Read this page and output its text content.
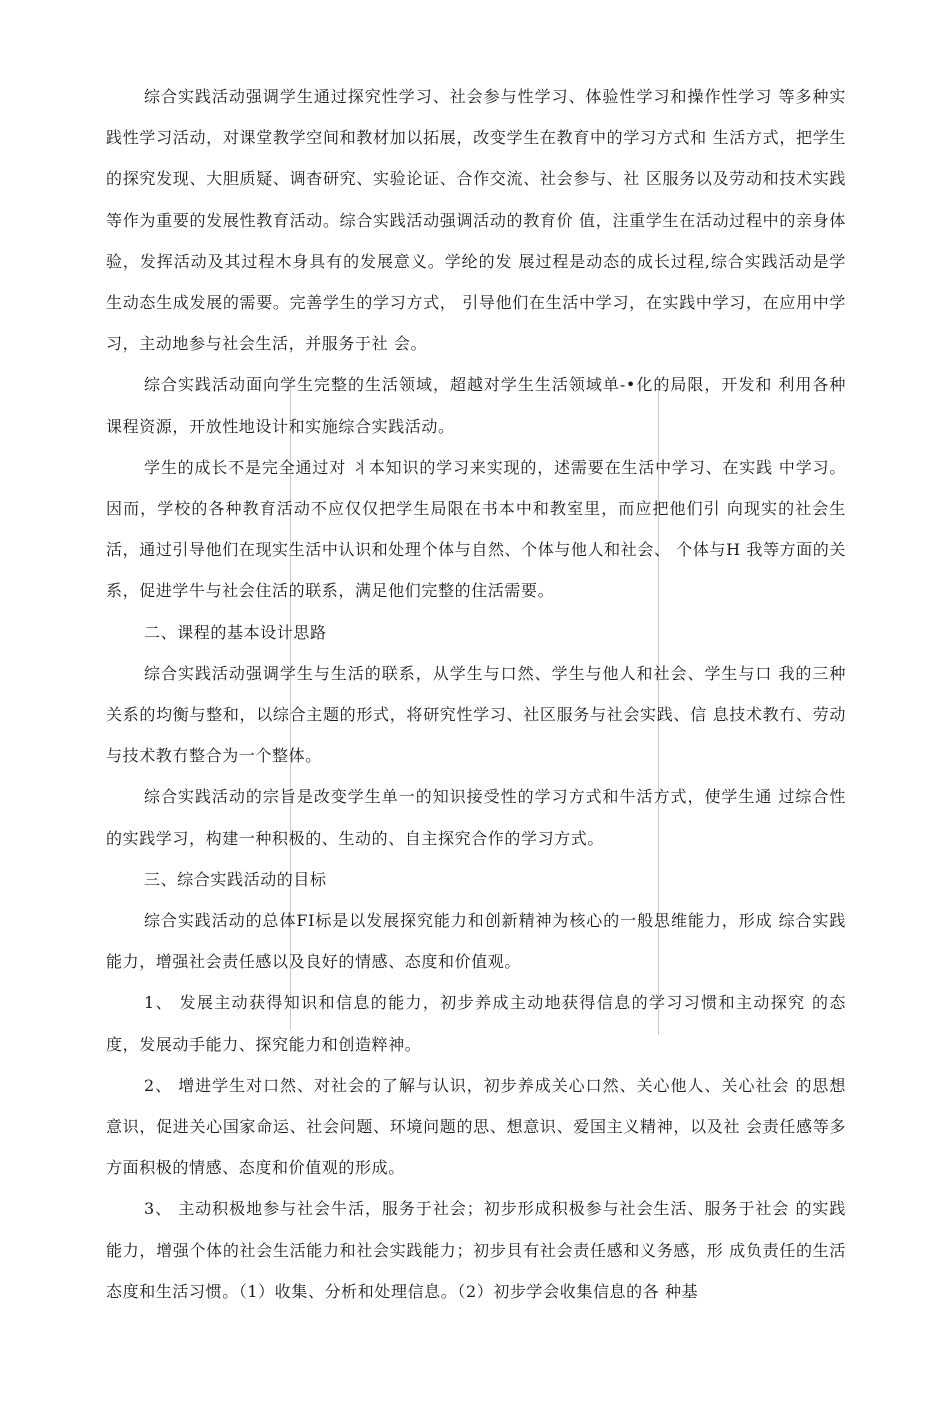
综合实践活动强调学生通过探究性学习、社会参与性学习、体验性学习和操作性学习 等多种实践性学习活动，对课堂教学空间和教材加以拓展，改变学生在教育中的学习方式和 生活方式，把学生的探究发现、大胆质疑、调杳研究、实验论证、合作交流、社会参与、社 区服务以及劳动和技术实践等作为重要的发展性教育活动。综合实践活动强调活动的教育价 值，注重学生在活动过程中的亲身体验，发挥活动及其过程木身具有的发展意义。学纶的发 展过程是动态的成长过程,综合实践活动是学生动态生成发展的需要。完善学生的学习方式， 引导他们在生活中学习，在实践中学习，在应用中学习，主动地参与社会生活，并服务于社 会。

综合实践活动面向学生完整的生活领域，超越对学生生活领域单-•化的局限，开发和 利用各种课程资源，开放性地设计和实施综合实践活动。

学生的成长不是完全通过对 丬本知识的学习来实现的，述需要在生活中学习、在实践 中学习。因而，学校的各种教育活动不应仅仅把学生局限在书本中和教室里，而应把他们引 向现实的社会生活，通过引导他们在现实生活中认识和处理个体与自然、个体与他人和社会、 个体与H 我等方面的关系，促进学牛与社会住活的联系，满足他们完整的住活需要。

二、课程的基本设计思路

综合实践活动强调学生与生活的联系，从学生与口然、学生与他人和社会、学生与口 我的三种关系的均衡与整和，以综合主题的形式，将研究性学习、社区服务与社会实践、信 息技术教冇、劳动与技术教冇整合为一个整体。

综合实践活动的宗旨是改变学生单一的知识接受性的学习方式和牛活方式，使学生通 过综合性的实践学习，构建一种积极的、生动的、自主探究合作的学习方式。

三、综合实践活动的目标

综合实践活动的总体FI标是以发展探究能力和创新精神为核心的一般思维能力，形成 综合实践能力，增强社会责任感以及良好的情感、态度和价值观。

1、 发展主动获得知识和信息的能力，初步养成主动地获得信息的学习习惯和主动探究 的态度，发展动手能力、探究能力和创造粹神。

2、 增进学生对口然、对社会的了解与认识，初步养成关心口然、关心他人、关心社会 的思想意识，促进关心国家命运、社会问题、环境问题的思、想意识、爱国主义精神，以及社 会责任感等多方面积极的情感、态度和价值观的形成。

3、 主动积极地参与社会牛活，服务于社会；初步形成积极参与社会生活、服务于社会 的实践能力，增强个体的社会生活能力和社会实践能力；初步貝有社会责任感和义务感，形 成负责任的生活态度和生活习惯。（1）收集、分析和处理信息。（2）初步学会收集信息的各 种基
